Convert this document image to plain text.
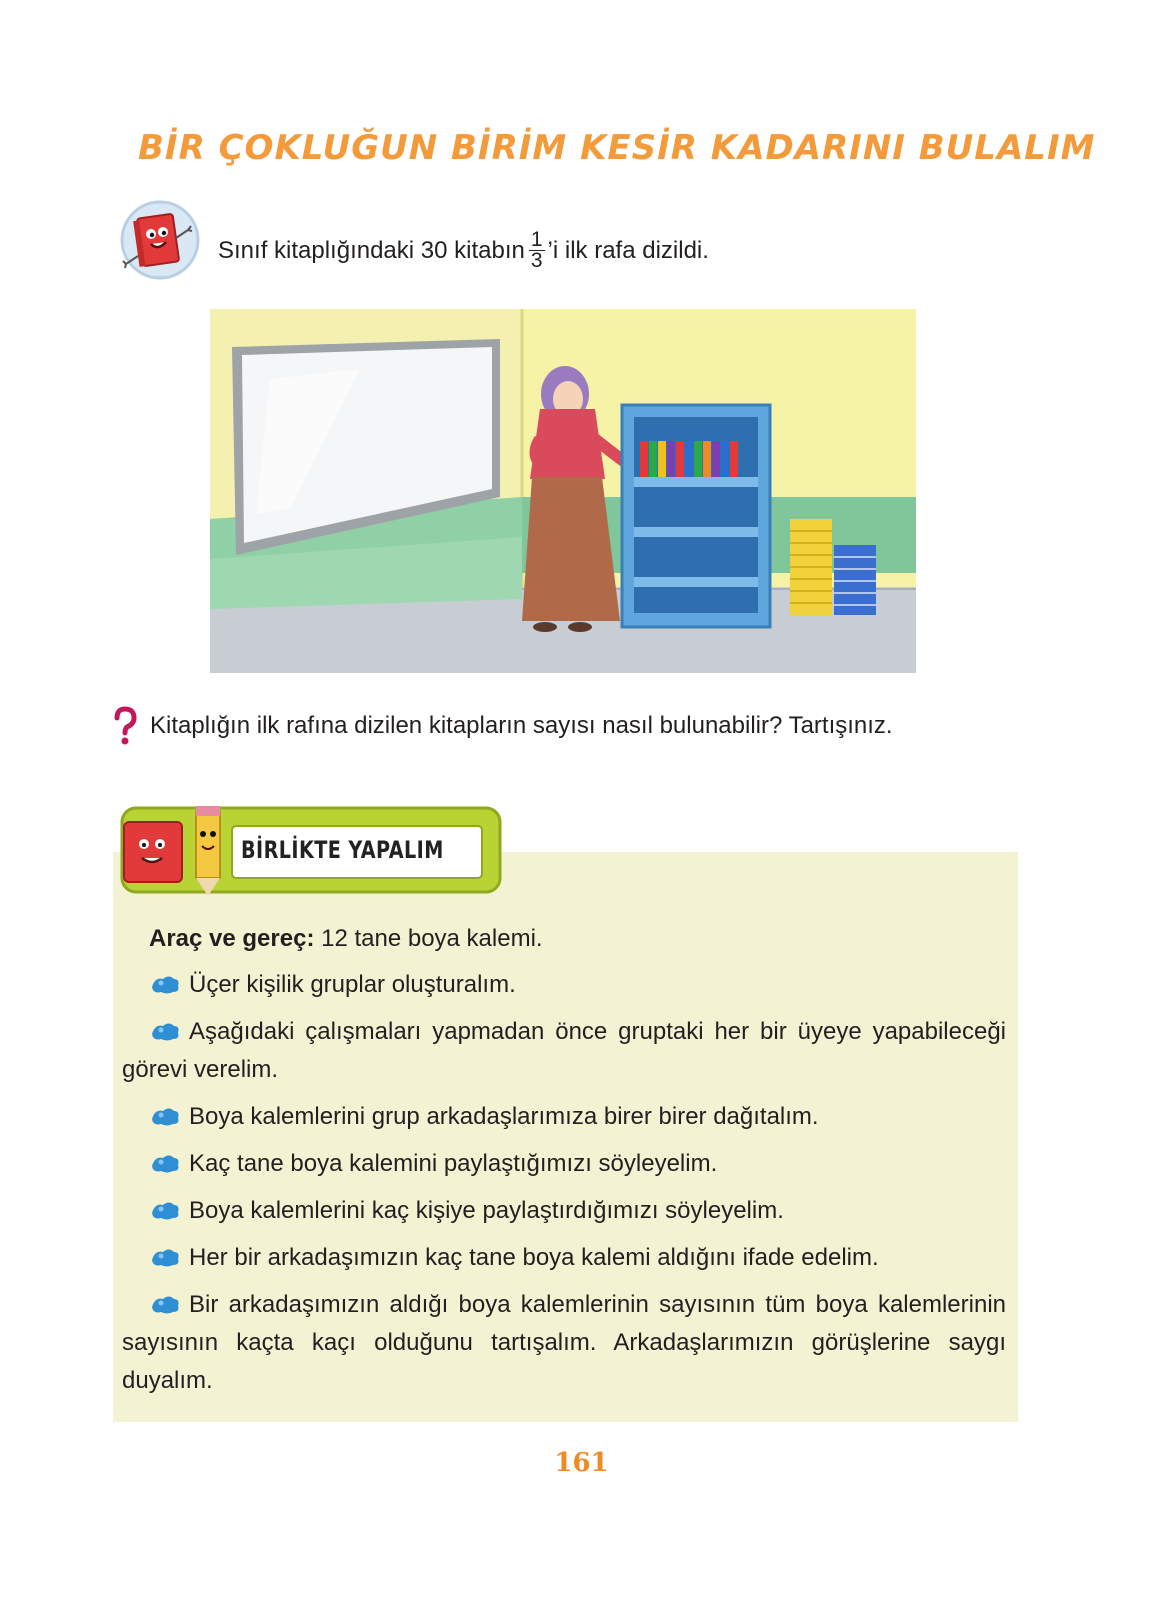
BİR ÇOKLUĞUN BİRİM KESİR KADARINI BULALIM
Sınıf kitaplığındaki 30 kitabın $\frac{1}{3}$ ’i ilk rafa dizildi.
Kitaplığın ilk rafına dizilen kitapların sayısı nasıl bulunabilir? Tartışınız.
BİRLİKTE YAPALIM
Araç ve gereç: 12 tane boya kalemi.
Üçer kişilik gruplar oluşturalım.
Aşağıdaki çalışmaları yapmadan önce gruptaki her bir üyeye yapabileceği görevi verelim.
Boya kalemlerini grup arkadaşlarımıza birer birer dağıtalım.
Kaç tane boya kalemini paylaştığımızı söyleyelim.
Boya kalemlerini kaç kişiye paylaştırdığımızı söyleyelim.
Her bir arkadaşımızın kaç tane boya kalemi aldığını ifade edelim.
Bir arkadaşımızın aldığı boya kalemlerinin sayısının tüm boya kalemlerinin sayısının kaçta kaçı olduğunu tartışalım. Arkadaşlarımızın görüşlerine saygı duyalım.
161
